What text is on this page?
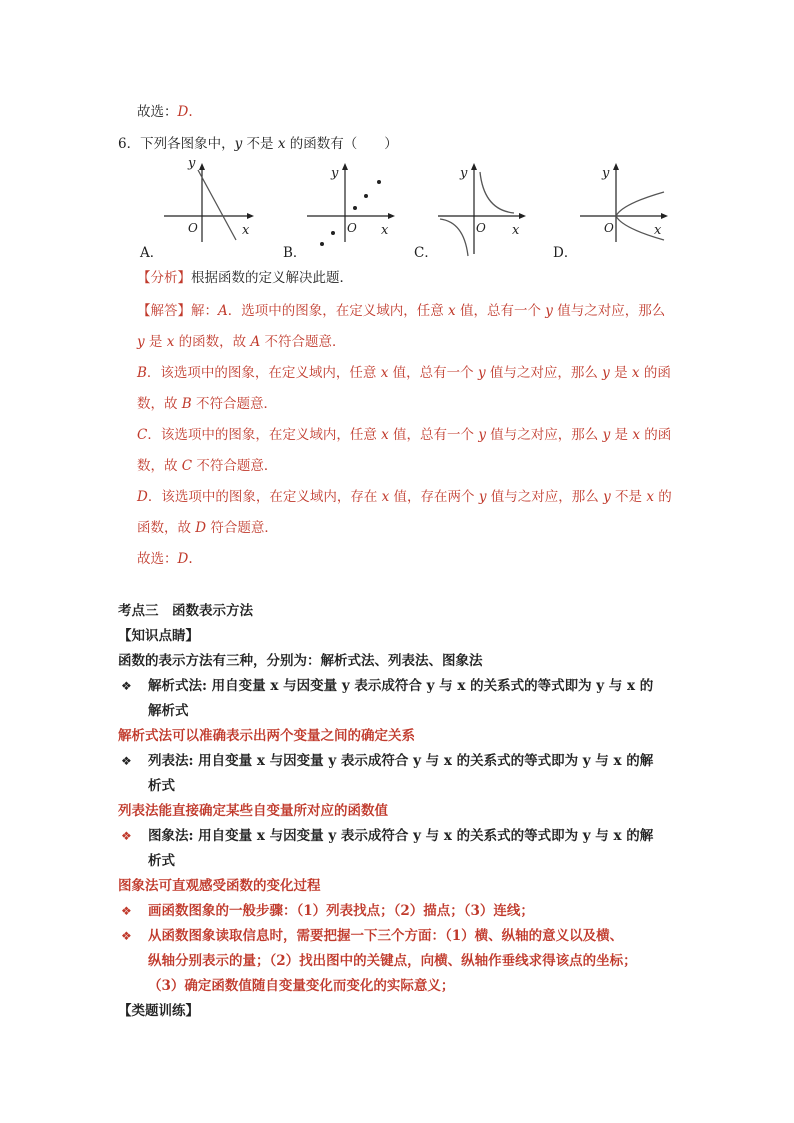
故选：D.
6．下列各图象中，y 不是 x 的函数有（　　）
y
x
O
A．
y
x
O
B．
y
x
O
C．
y
x
O
D．
【分析】根据函数的定义解决此题．
【解答】解：A．选项中的图象，在定义域内，任意 x 值，总有一个 y 值与之对应，那么
y 是 x 的函数，故 A 不符合题意．
B．该选项中的图象，在定义域内，任意 x 值，总有一个 y 值与之对应，那么 y 是 x 的函
数，故 B 不符合题意．
C．该选项中的图象，在定义域内，任意 x 值，总有一个 y 值与之对应，那么 y 是 x 的函
数，故 C 不符合题意．
D．该选项中的图象，在定义域内，存在 x 值，存在两个 y 值与之对应，那么 y 不是 x 的
函数，故 D 符合题意．
故选：D.
考点三　函数表示方法
【知识点睛】
函数的表示方法有三种，分别为：解析式法、列表法、图象法
❖ 解析式法: 用自变量 x 与因变量 y 表示成符合 y 与 x 的关系式的等式即为 y 与 x 的
解析式
解析式法可以准确表示出两个变量之间的确定关系
❖ 列表法: 用自变量 x 与因变量 y 表示成符合 y 与 x 的关系式的等式即为 y 与 x 的解
析式
列表法能直接确定某些自变量所对应的函数值
❖ 图象法: 用自变量 x 与因变量 y 表示成符合 y 与 x 的关系式的等式即为 y 与 x 的解
析式
图象法可直观感受函数的变化过程
❖ 画函数图象的一般步骤：（1）列表找点；（2）描点；（3）连线；
❖ 从函数图象读取信息时，需要把握一下三个方面：（1）横、纵轴的意义以及横、
纵轴分别表示的量；（2）找出图中的关键点，向横、纵轴作垂线求得该点的坐标；
（3）确定函数值随自变量变化而变化的实际意义；
【类题训练】
